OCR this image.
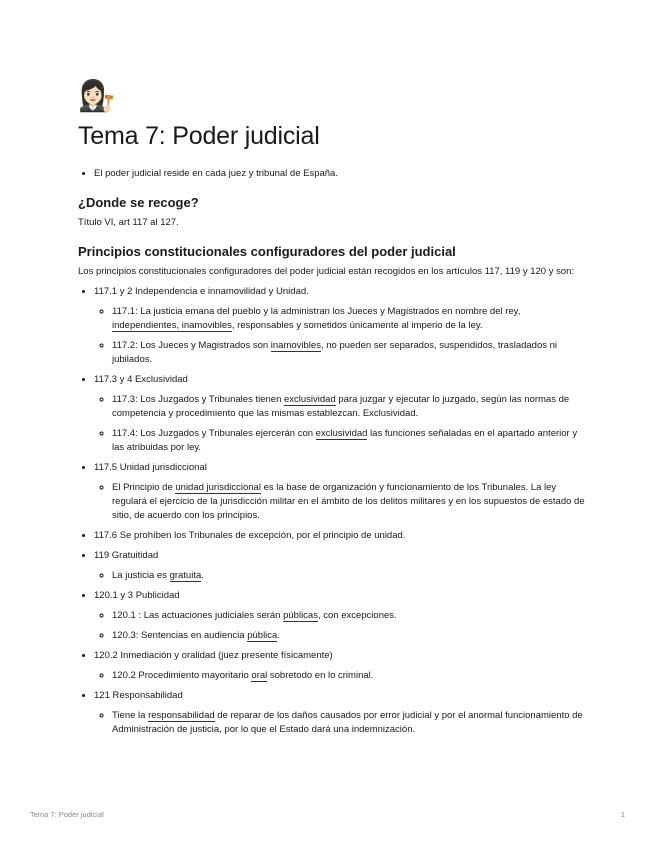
👩🏻‍⚖️
Tema 7: Poder judicial
• El poder judicial reside en cada juez y tribunal de España.
¿Donde se recoge?

Título VI, art 117 al 127.

Principios constitucionales configuradores del poder judicial

Los principios constitucionales configuradores del poder judicial están recogidos en los artículos 117, 119 y 120 y son:

• 117.1 y 2 Independencia e innamovilidad y Unidad.
◦ 117.1: La justicia emana del pueblo y la administran los Jueces y Magistrados en nombre del rey, independientes, inamovibles, responsables y sometidos únicamente al imperio de la ley.
◦ 117.2: Los Jueces y Magistrados son inamovibles, no pueden ser separados, suspendidos, trasladados ni jubilados.
• 117.3 y 4 Exclusividad
◦ 117.3: Los Juzgados y Tribunales tienen exclusividad para juzgar y ejecutar lo juzgado, según las normas de competencia y procedimiento que las mismas establezcan. Exclusividad.
◦ 117.4: Los Juzgados y Tribunales ejercerán con exclusividad las funciones señaladas en el apartado anterior y las atribuidas por ley.
• 117.5 Unidad jurisdiccional
◦ El Principio de unidad jurisdiccional es la base de organización y funcionamiento de los Tribunales. La ley regulará el ejercicio de la jurisdicción militar en el ámbito de los delitos militares y en los supuestos de estado de sitio, de acuerdo con los principios.
• 117.6 Se prohíben los Tribunales de excepción, por el principio de unidad.
• 119 Gratuitidad
◦ La justicia es gratuita.
• 120.1 y 3 Publicidad
◦ 120.1 : Las actuaciones judiciales serán públicas, con excepciones.
◦ 120.3: Sentencias en audiencia pública.
• 120.2 Inmediación y oralidad (juez presente físicamente)
◦ 120.2 Procedimiento mayoritario oral sobretodo en lo criminal.
• 121 Responsabilidad
◦ Tiene la responsabilidad de reparar de los daños causados por error judicial y por el anormal funcionamiento de Administración de justicia, por lo que el Estado dará una indemnización.
Tema 7: Poder judicial	1
